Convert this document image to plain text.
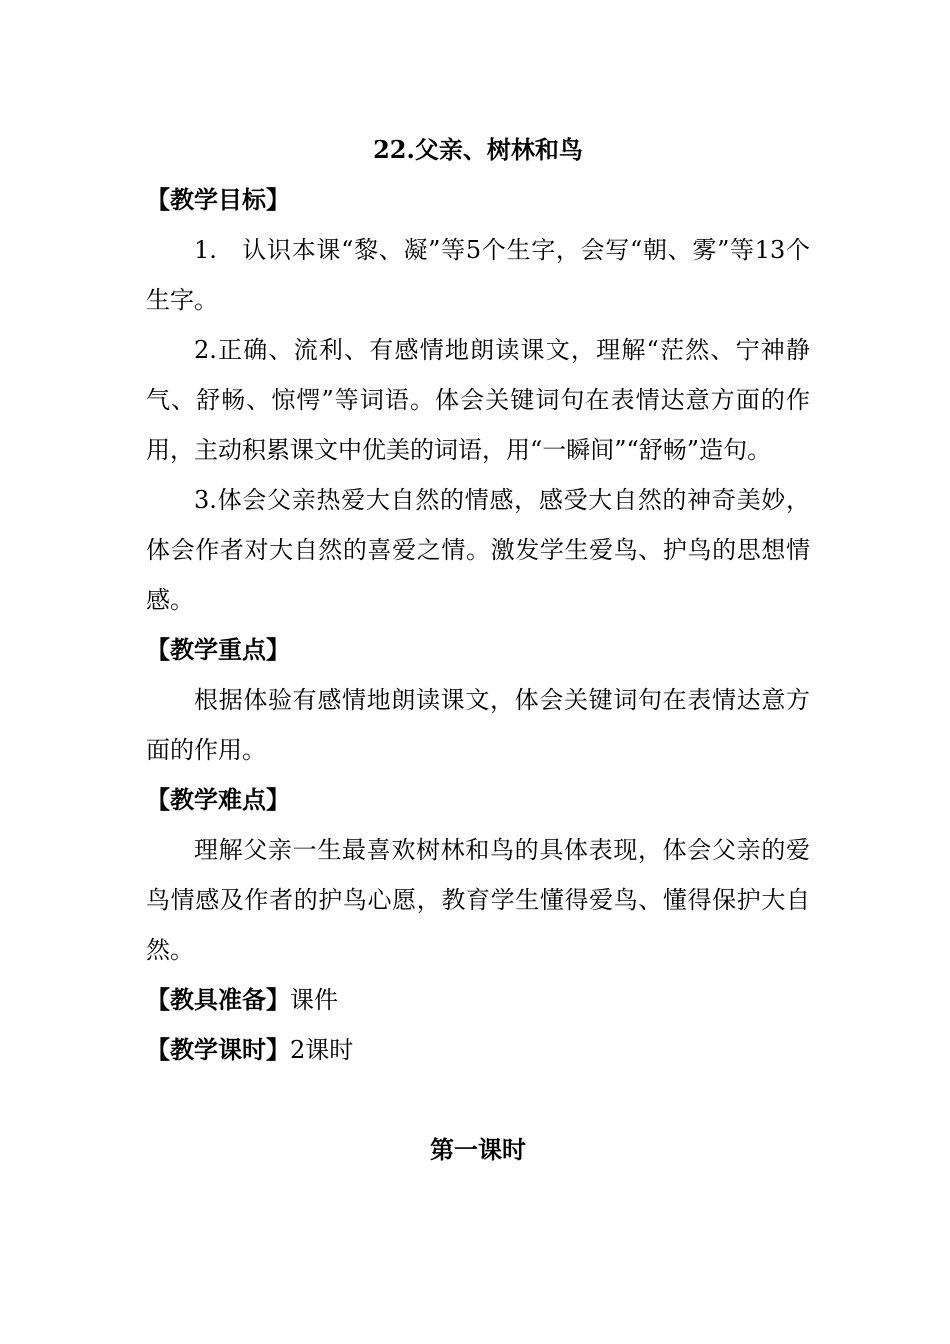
22.父亲、树林和鸟
【教学目标】

1.　认识本课“黎、凝”等5个生字，会写“朝、雾”等13个生字。

2.正确、流利、有感情地朗读课文，理解“茫然、宁神静气、舒畅、惊愕”等词语。体会关键词句在表情达意方面的作用，主动积累课文中优美的词语，用“一瞬间”“舒畅”造句。

3.体会父亲热爱大自然的情感，感受大自然的神奇美妙，体会作者对大自然的喜爱之情。激发学生爱鸟、护鸟的思想情感。

【教学重点】

根据体验有感情地朗读课文，体会关键词句在表情达意方面的作用。

【教学难点】

理解父亲一生最喜欢树林和鸟的具体表现，体会父亲的爱鸟情感及作者的护鸟心愿，教育学生懂得爱鸟、懂得保护大自然。

【教具准备】课件
【教学课时】2课时
第一课时
